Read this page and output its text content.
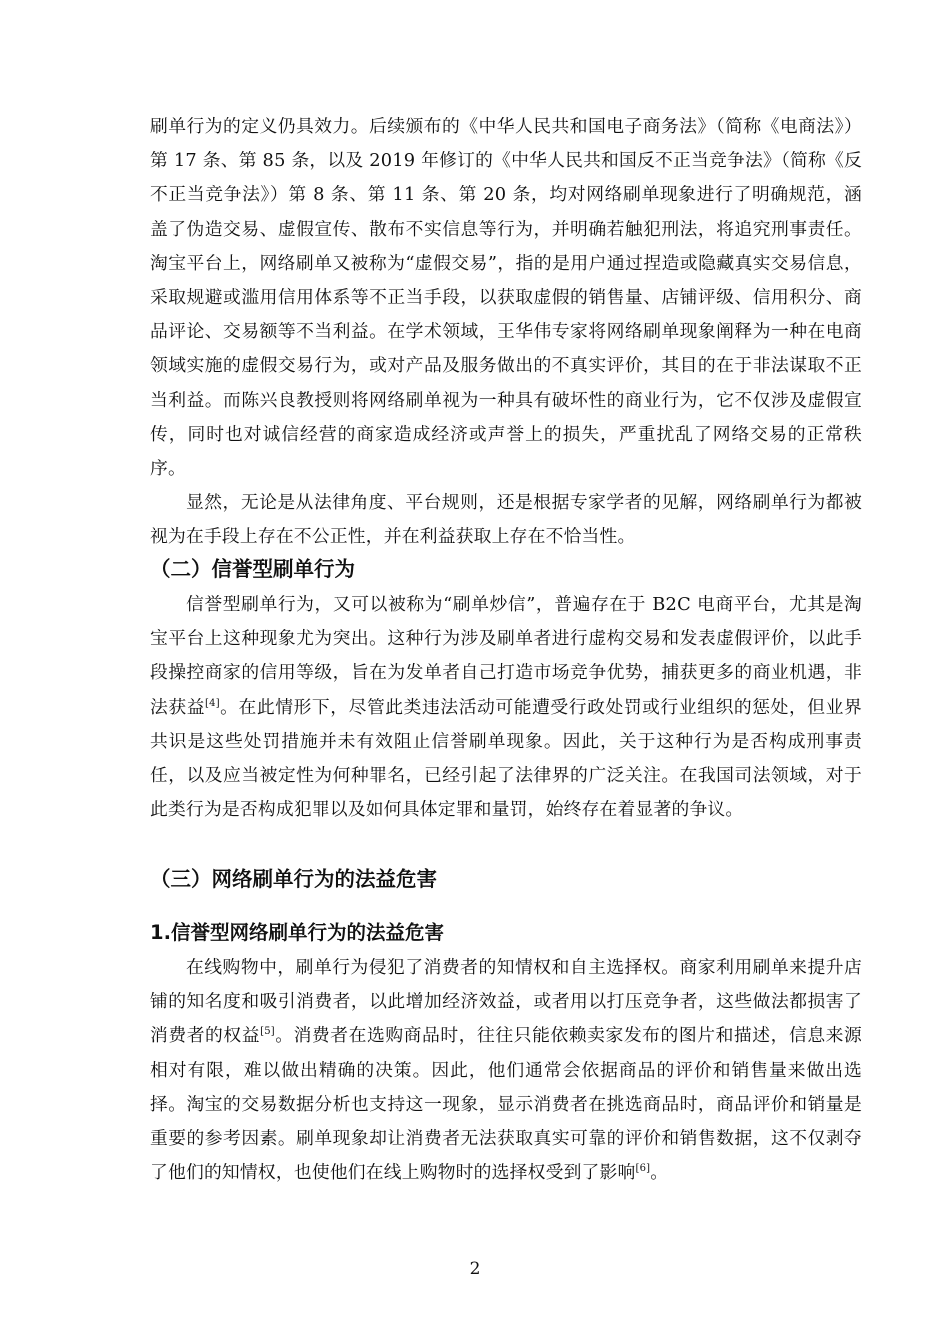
刷单行为的定义仍具效力。后续颁布的《中华人民共和国电子商务法》（简称《电商法》）第 17 条、第 85 条，以及 2019 年修订的《中华人民共和国反不正当竞争法》（简称《反不正当竞争法》）第 8 条、第 11 条、第 20 条，均对网络刷单现象进行了明确规范，涵盖了伪造交易、虚假宣传、散布不实信息等行为，并明确若触犯刑法，将追究刑事责任。淘宝平台上，网络刷单又被称为“虚假交易”，指的是用户通过捏造或隐藏真实交易信息，采取规避或滥用信用体系等不正当手段，以获取虚假的销售量、店铺评级、信用积分、商品评论、交易额等不当利益。在学术领域，王华伟专家将网络刷单现象阐释为一种在电商领域实施的虚假交易行为，或对产品及服务做出的不真实评价，其目的在于非法谋取不正当利益。而陈兴良教授则将网络刷单视为一种具有破坏性的商业行为，它不仅涉及虚假宣传，同时也对诚信经营的商家造成经济或声誉上的损失，严重扰乱了网络交易的正常秩序。

显然，无论是从法律角度、平台规则，还是根据专家学者的见解，网络刷单行为都被视为在手段上存在不公正性，并在利益获取上存在不恰当性。

（二）信誉型刷单行为

信誉型刷单行为，又可以被称为“刷单炒信”，普遍存在于 B2C 电商平台，尤其是淘宝平台上这种现象尤为突出。这种行为涉及刷单者进行虚构交易和发表虚假评价，以此手段操控商家的信用等级，旨在为发单者自己打造市场竞争优势，捕获更多的商业机遇，非法获益[4]。在此情形下，尽管此类违法活动可能遭受行政处罚或行业组织的惩处，但业界共识是这些处罚措施并未有效阻止信誉刷单现象。因此，关于这种行为是否构成刑事责任，以及应当被定性为何种罪名，已经引起了法律界的广泛关注。在我国司法领域，对于此类行为是否构成犯罪以及如何具体定罪和量罚，始终存在着显著的争议。

（三）网络刷单行为的法益危害
1.信誉型网络刷单行为的法益危害

在线购物中，刷单行为侵犯了消费者的知情权和自主选择权。商家利用刷单来提升店铺的知名度和吸引消费者，以此增加经济效益，或者用以打压竞争者，这些做法都损害了消费者的权益[5]。消费者在选购商品时，往往只能依赖卖家发布的图片和描述，信息来源相对有限，难以做出精确的决策。因此，他们通常会依据商品的评价和销售量来做出选择。淘宝的交易数据分析也支持这一现象，显示消费者在挑选商品时，商品评价和销量是重要的参考因素。刷单现象却让消费者无法获取真实可靠的评价和销售数据，这不仅剥夺了他们的知情权，也使他们在线上购物时的选择权受到了影响[6]。

2
